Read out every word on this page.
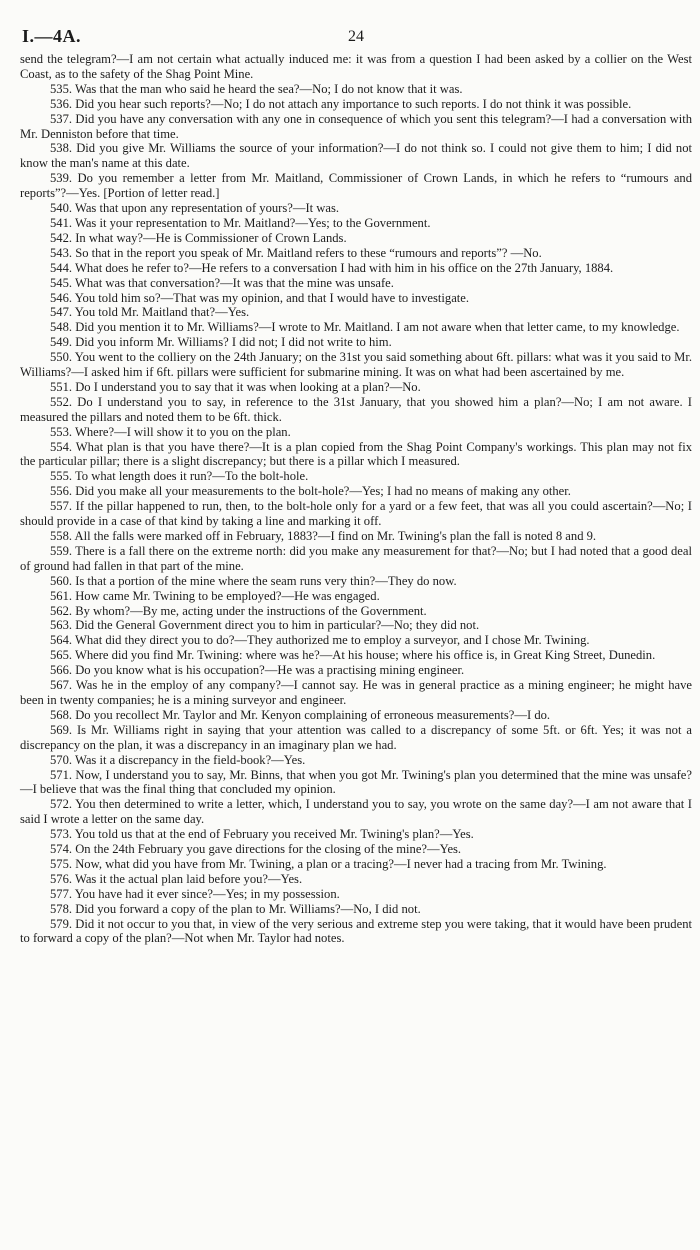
I.—4A.	24

send the telegram?—I am not certain what actually induced me: it was from a question I had been asked by a collier on the West Coast, as to the safety of the Shag Point Mine.

535. Was that the man who said he heard the sea?—No; I do not know that it was.

536. Did you hear such reports?—No; I do not attach any importance to such reports. I do not think it was possible.

537. Did you have any conversation with any one in consequence of which you sent this telegram?—I had a conversation with Mr. Denniston before that time.

538. Did you give Mr. Williams the source of your information?—I do not think so. I could not give them to him; I did not know the man's name at this date.

539. Do you remember a letter from Mr. Maitland, Commissioner of Crown Lands, in which he refers to “rumours and reports”?—Yes. [Portion of letter read.]

540. Was that upon any representation of yours?—It was.

541. Was it your representation to Mr. Maitland?—Yes; to the Government.

542. In what way?—He is Commissioner of Crown Lands.

543. So that in the report you speak of Mr. Maitland refers to these “rumours and reports”? —No.

544. What does he refer to?—He refers to a conversation I had with him in his office on the 27th January, 1884.

545. What was that conversation?—It was that the mine was unsafe.

546. You told him so?—That was my opinion, and that I would have to investigate.

547. You told Mr. Maitland that?—Yes.

548. Did you mention it to Mr. Williams?—I wrote to Mr. Maitland. I am not aware when that letter came, to my knowledge.

549. Did you inform Mr. Williams? I did not; I did not write to him.

550. You went to the colliery on the 24th January; on the 31st you said something about 6ft. pillars: what was it you said to Mr. Williams?—I asked him if 6ft. pillars were sufficient for submarine mining. It was on what had been ascertained by me.

551. Do I understand you to say that it was when looking at a plan?—No.

552. Do I understand you to say, in reference to the 31st January, that you showed him a plan?—No; I am not aware. I measured the pillars and noted them to be 6ft. thick.

553. Where?—I will show it to you on the plan.

554. What plan is that you have there?—It is a plan copied from the Shag Point Company's workings. This plan may not fix the particular pillar; there is a slight discrepancy; but there is a pillar which I measured.

555. To what length does it run?—To the bolt-hole.

556. Did you make all your measurements to the bolt-hole?—Yes; I had no means of making any other.

557. If the pillar happened to run, then, to the bolt-hole only for a yard or a few feet, that was all you could ascertain?—No; I should provide in a case of that kind by taking a line and marking it off.

558. All the falls were marked off in February, 1883?—I find on Mr. Twining's plan the fall is noted 8 and 9.

559. There is a fall there on the extreme north: did you make any measurement for that?—No; but I had noted that a good deal of ground had fallen in that part of the mine.

560. Is that a portion of the mine where the seam runs very thin?—They do now.

561. How came Mr. Twining to be employed?—He was engaged.

562. By whom?—By me, acting under the instructions of the Government.

563. Did the General Government direct you to him in particular?—No; they did not.

564. What did they direct you to do?—They authorized me to employ a surveyor, and I chose Mr. Twining.

565. Where did you find Mr. Twining: where was he?—At his house; where his office is, in Great King Street, Dunedin.

566. Do you know what is his occupation?—He was a practising mining engineer.

567. Was he in the employ of any company?—I cannot say. He was in general practice as a mining engineer; he might have been in twenty companies; he is a mining surveyor and engineer.

568. Do you recollect Mr. Taylor and Mr. Kenyon complaining of erroneous measurements?—I do.

569. Is Mr. Williams right in saying that your attention was called to a discrepancy of some 5ft. or 6ft. Yes; it was not a discrepancy on the plan, it was a discrepancy in an imaginary plan we had.

570. Was it a discrepancy in the field-book?—Yes.

571. Now, I understand you to say, Mr. Binns, that when you got Mr. Twining's plan you determined that the mine was unsafe?—I believe that was the final thing that concluded my opinion.

572. You then determined to write a letter, which, I understand you to say, you wrote on the same day?—I am not aware that I said I wrote a letter on the same day.

573. You told us that at the end of February you received Mr. Twining's plan?—Yes.

574. On the 24th February you gave directions for the closing of the mine?—Yes.

575. Now, what did you have from Mr. Twining, a plan or a tracing?—I never had a tracing from Mr. Twining.

576. Was it the actual plan laid before you?—Yes.

577. You have had it ever since?—Yes; in my possession.

578. Did you forward a copy of the plan to Mr. Williams?—No, I did not.

579. Did it not occur to you that, in view of the very serious and extreme step you were taking, that it would have been prudent to forward a copy of the plan?—Not when Mr. Taylor had notes.
